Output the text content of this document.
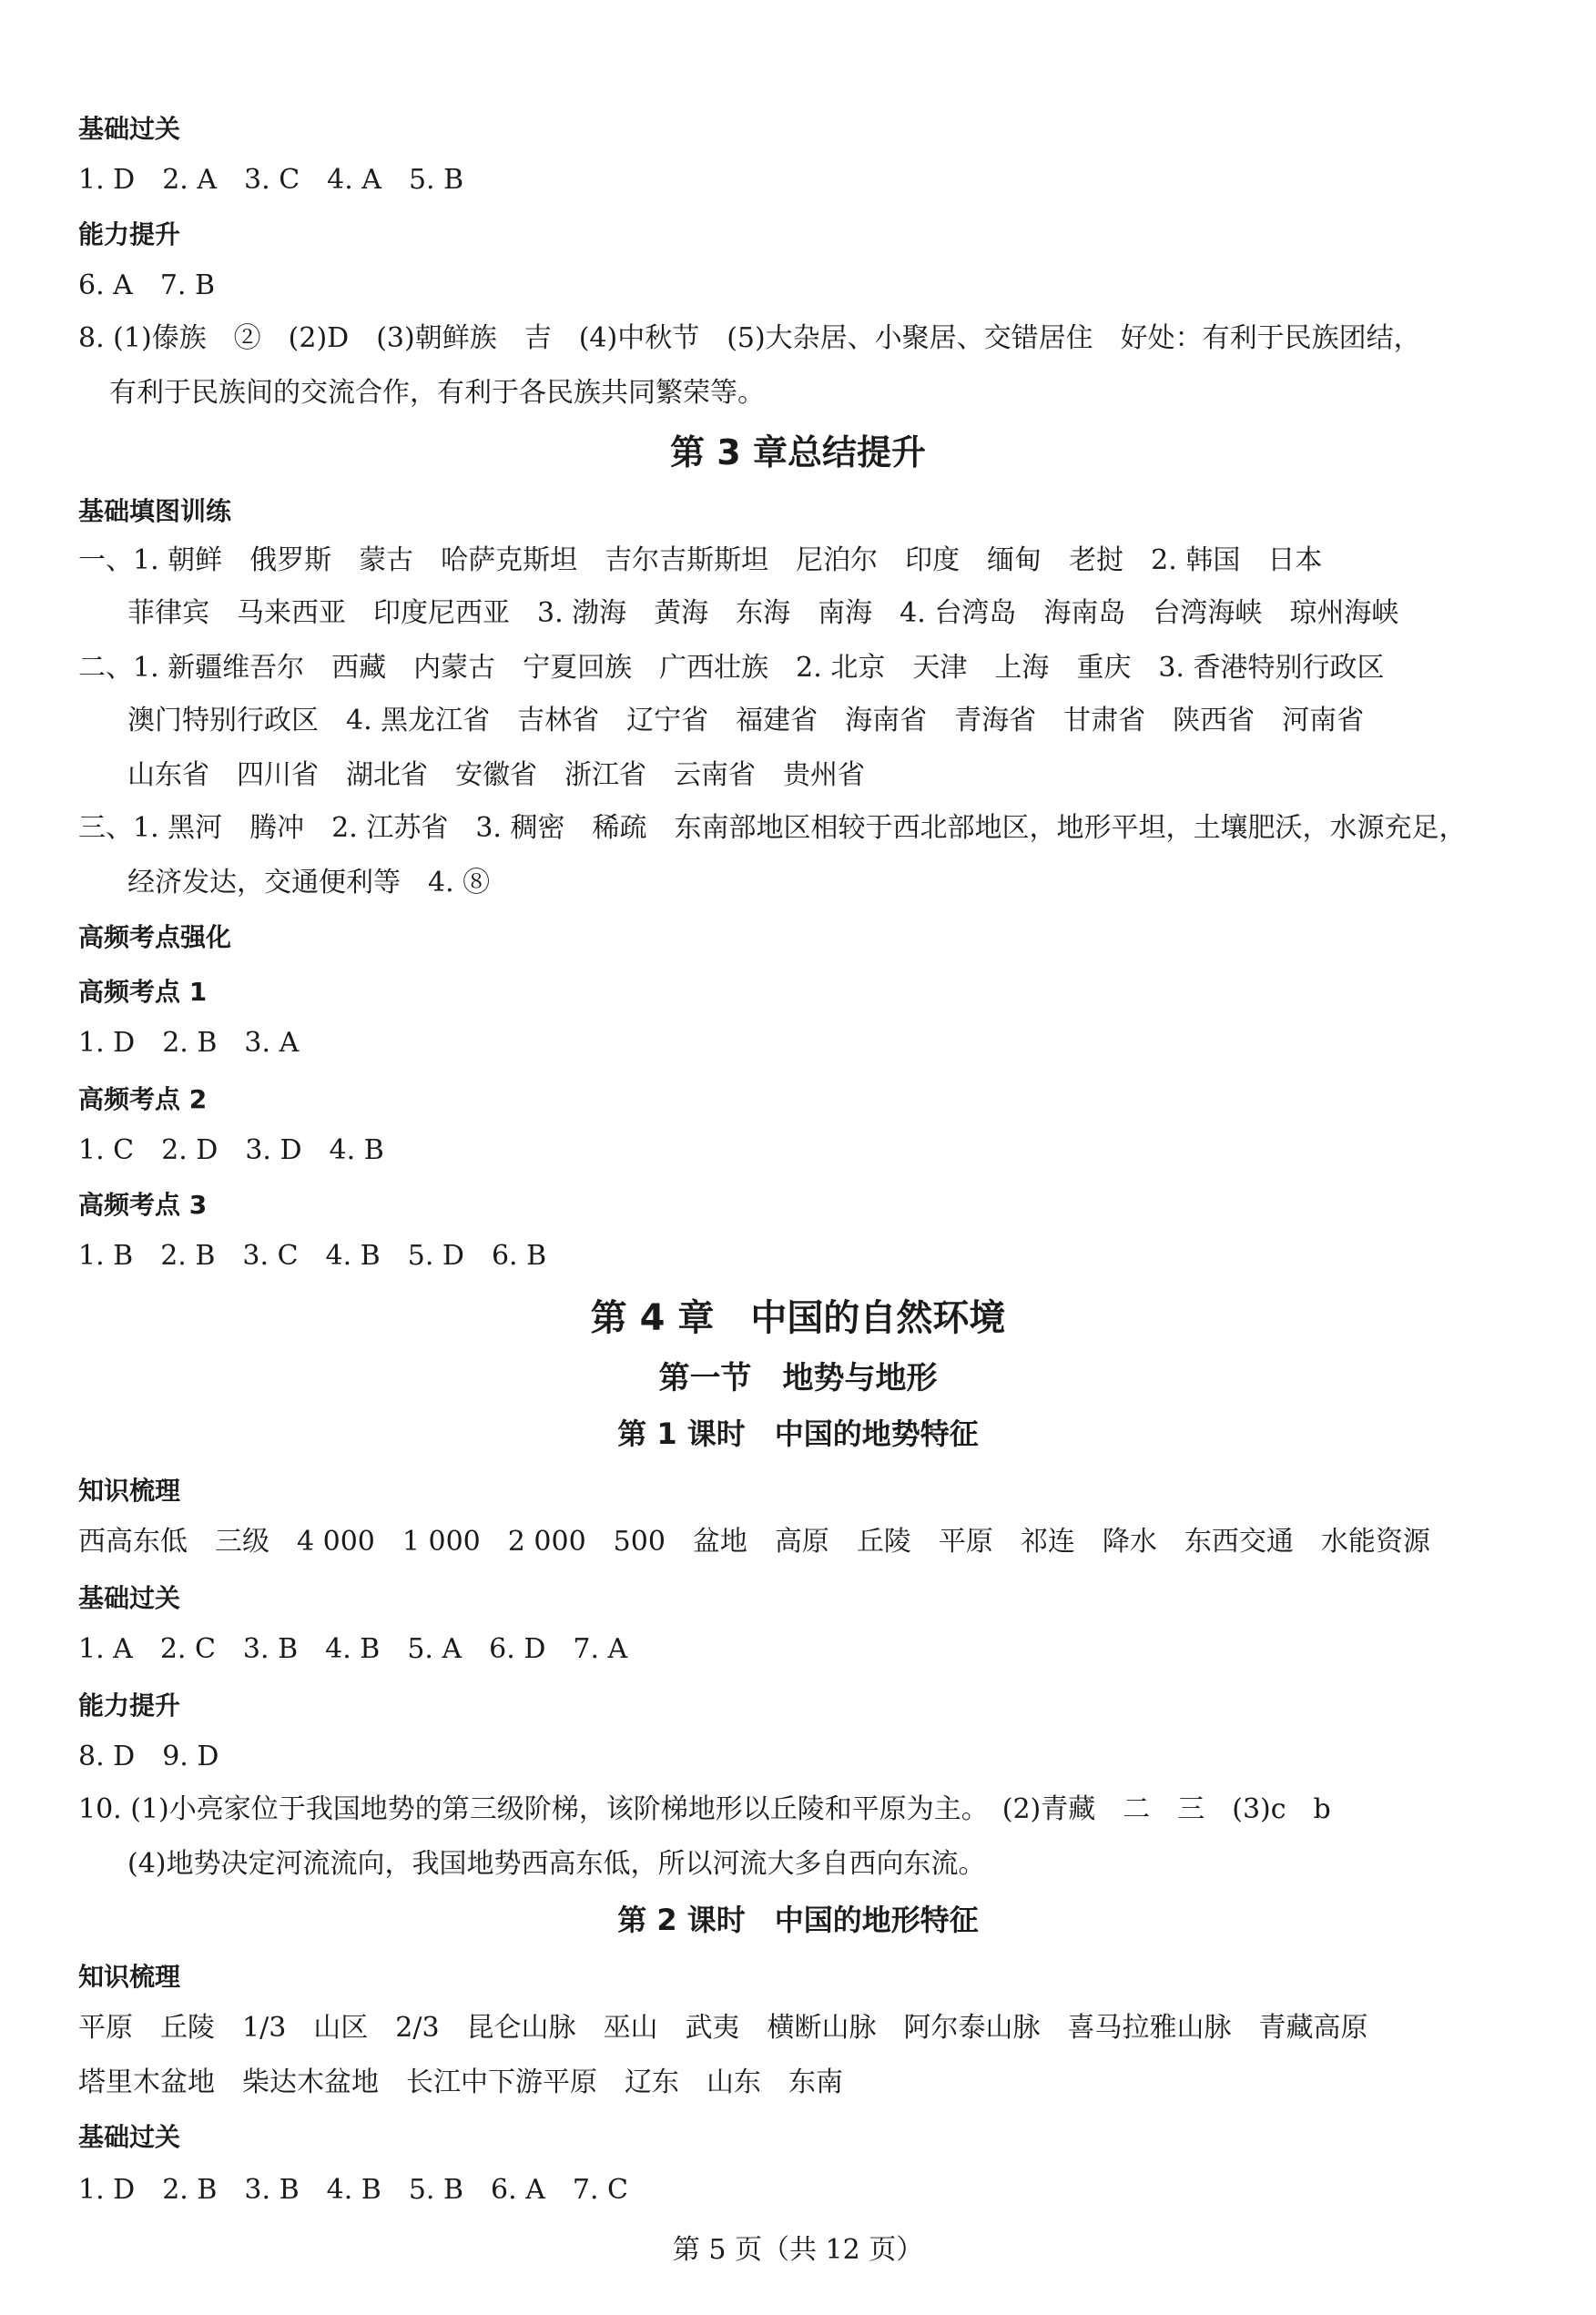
基础过关
1. D　2. A　3. C　4. A　5. B
能力提升
6. A　7. B
8. (1)傣族　②　(2)D　(3)朝鲜族　吉　(4)中秋节　(5)大杂居、小聚居、交错居住　好处：有利于民族团结，
有利于民族间的交流合作，有利于各民族共同繁荣等。
第 3 章总结提升
基础填图训练
一、1. 朝鲜　俄罗斯　蒙古　哈萨克斯坦　吉尔吉斯斯坦　尼泊尔　印度　缅甸　老挝　2. 韩国　日本
菲律宾　马来西亚　印度尼西亚　3. 渤海　黄海　东海　南海　4. 台湾岛　海南岛　台湾海峡　琼州海峡
二、1. 新疆维吾尔　西藏　内蒙古　宁夏回族　广西壮族　2. 北京　天津　上海　重庆　3. 香港特别行政区
澳门特别行政区　4. 黑龙江省　吉林省　辽宁省　福建省　海南省　青海省　甘肃省　陕西省　河南省
山东省　四川省　湖北省　安徽省　浙江省　云南省　贵州省
三、1. 黑河　腾冲　2. 江苏省　3. 稠密　稀疏　东南部地区相较于西北部地区，地形平坦，土壤肥沃，水源充足，
经济发达，交通便利等　4. ⑧
高频考点强化
高频考点 1
1. D　2. B　3. A
高频考点 2
1. C　2. D　3. D　4. B
高频考点 3
1. B　2. B　3. C　4. B　5. D　6. B
第 4 章　中国的自然环境
第一节　地势与地形
第 1 课时　中国的地势特征
知识梳理
西高东低　三级　4 000　1 000　2 000　500　盆地　高原　丘陵　平原　祁连　降水　东西交通　水能资源
基础过关
1. A　2. C　3. B　4. B　5. A　6. D　7. A
能力提升
8. D　9. D
10. (1)小亮家位于我国地势的第三级阶梯，该阶梯地形以丘陵和平原为主。　(2)青藏　二　三　(3)c　b
(4)地势决定河流流向，我国地势西高东低，所以河流大多自西向东流。
第 2 课时　中国的地形特征
知识梳理
平原　丘陵　1/3　山区　2/3　昆仑山脉　巫山　武夷　横断山脉　阿尔泰山脉　喜马拉雅山脉　青藏高原
塔里木盆地　柴达木盆地　长江中下游平原　辽东　山东　东南
基础过关
1. D　2. B　3. B　4. B　5. B　6. A　7. C
第 5 页（共 12 页）
